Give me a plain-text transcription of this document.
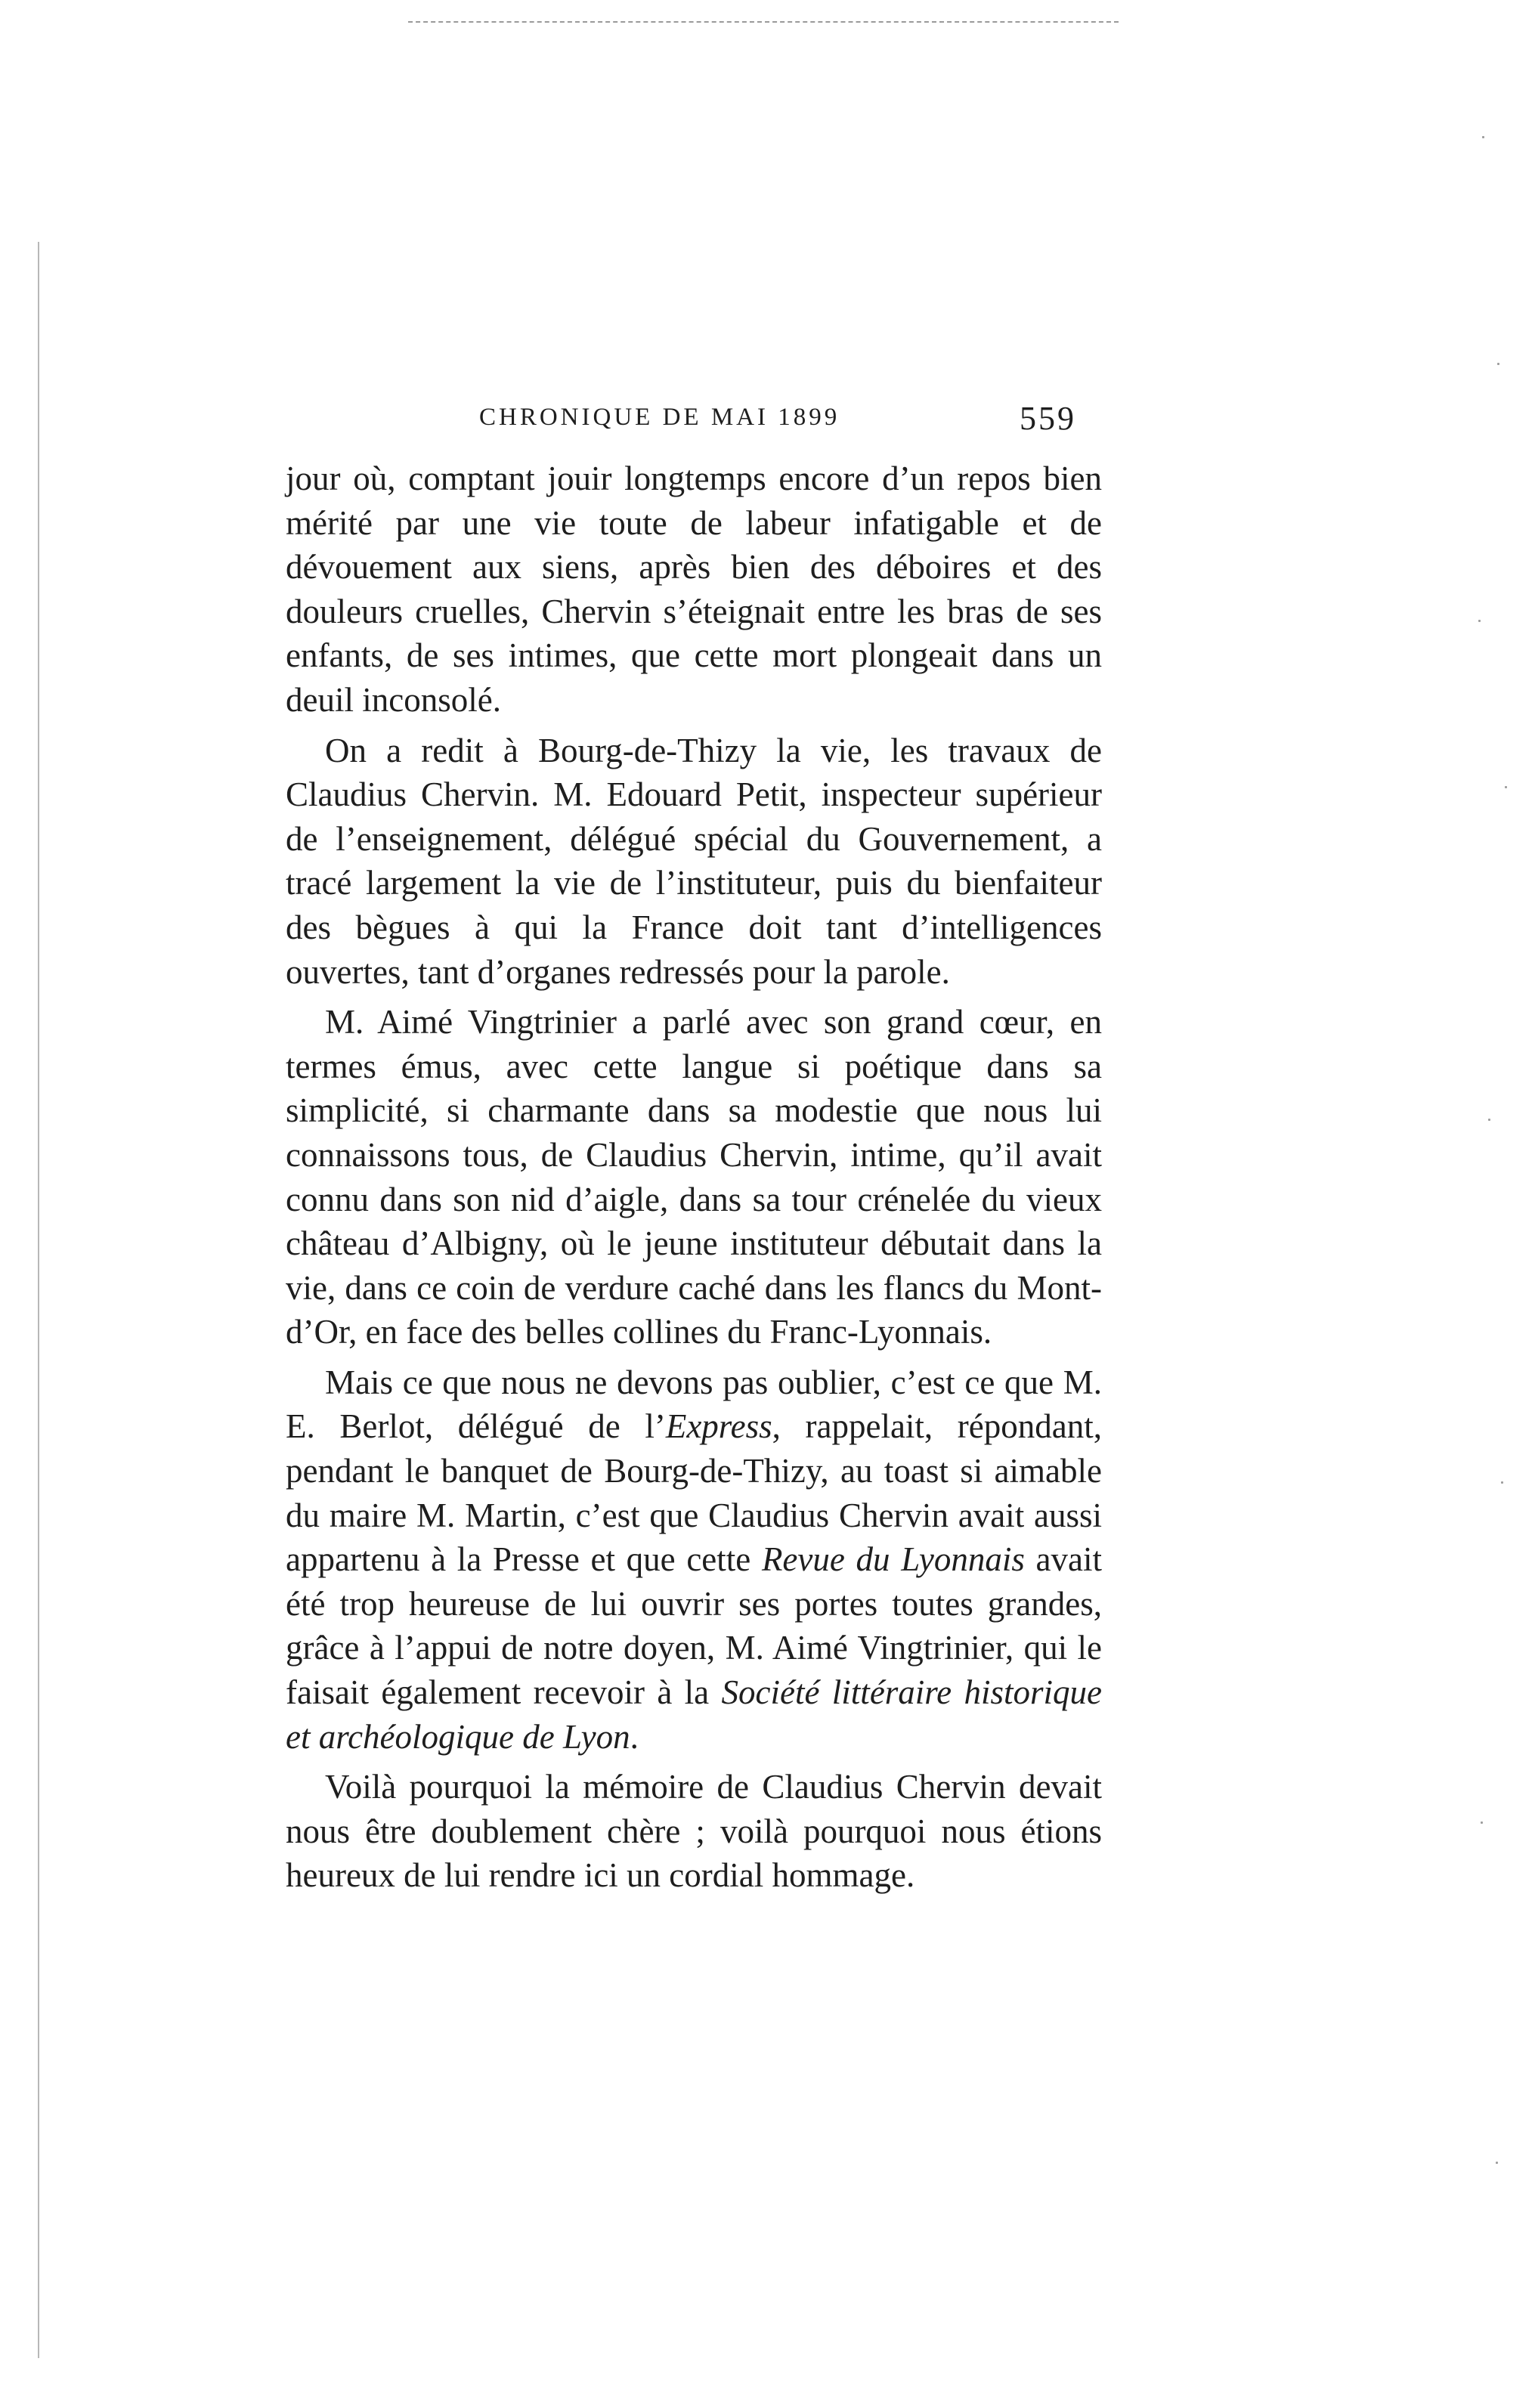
CHRONIQUE DE MAI 1899	559

jour où, comptant jouir longtemps encore d’un repos bien mérité par une vie toute de labeur infatigable et de dévouement aux siens, après bien des déboires et des douleurs cruelles, Chervin s’éteignait entre les bras de ses enfants, de ses intimes, que cette mort plongeait dans un deuil inconsolé.

On a redit à Bourg-de-Thizy la vie, les travaux de Claudius Chervin. M. Edouard Petit, inspecteur supérieur de l’enseignement, délégué spécial du Gouvernement, a tracé largement la vie de l’instituteur, puis du bienfaiteur des bègues à qui la France doit tant d’intelligences ouvertes, tant d’organes redressés pour la parole.

M. Aimé Vingtrinier a parlé avec son grand cœur, en termes émus, avec cette langue si poétique dans sa simplicité, si charmante dans sa modestie que nous lui connaissons tous, de Claudius Chervin, intime, qu’il avait connu dans son nid d’aigle, dans sa tour crénelée du vieux château d’Albigny, où le jeune instituteur débutait dans la vie, dans ce coin de verdure caché dans les flancs du Mont-d’Or, en face des belles collines du Franc-Lyonnais.

Mais ce que nous ne devons pas oublier, c’est ce que M. E. Berlot, délégué de l’Express, rappelait, répondant, pendant le banquet de Bourg-de-Thizy, au toast si aimable du maire M. Martin, c’est que Claudius Chervin avait aussi appartenu à la Presse et que cette Revue du Lyonnais avait été trop heureuse de lui ouvrir ses portes toutes grandes, grâce à l’appui de notre doyen, M. Aimé Vingtrinier, qui le faisait également recevoir à la Société littéraire historique et archéologique de Lyon.

Voilà pourquoi la mémoire de Claudius Chervin devait nous être doublement chère ; voilà pourquoi nous étions heureux de lui rendre ici un cordial hommage.
